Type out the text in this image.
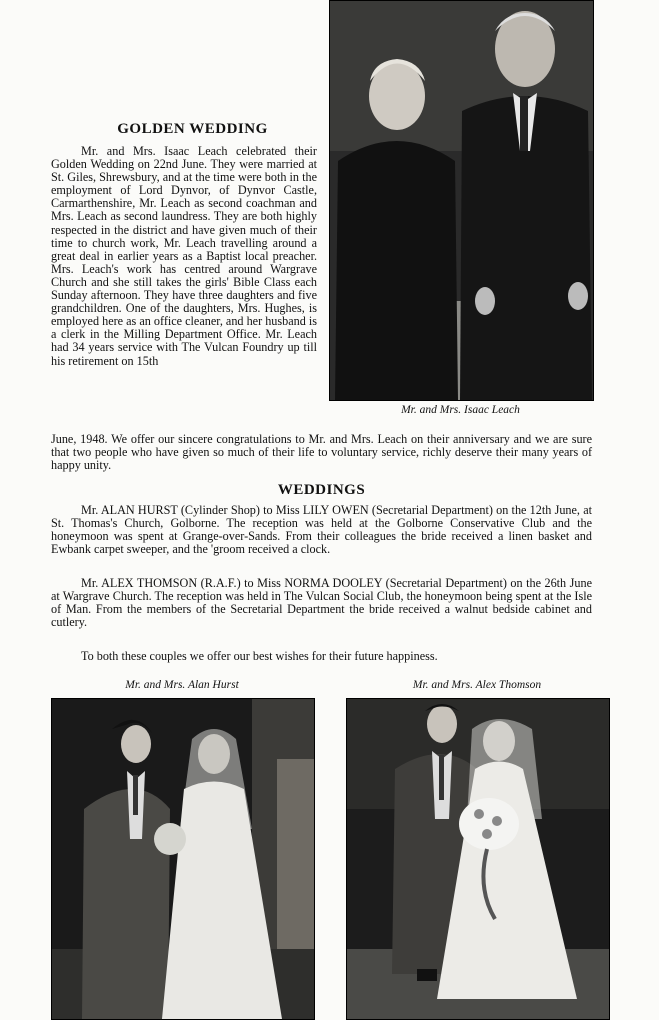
GOLDEN WEDDING

Mr. and Mrs. Isaac Leach celebrated their Golden Wedding on 22nd June. They were married at St. Giles, Shrewsbury, and at the time were both in the employment of Lord Dynvor, of Dynvor Castle, Carmarthenshire, Mr. Leach as second coachman and Mrs. Leach as second laundress. They are both highly respected in the district and have given much of their time to church work, Mr. Leach travelling around a great deal in earlier years as a Baptist local preacher. Mrs. Leach's work has centred around Wargrave Church and she still takes the girls' Bible Class each Sunday afternoon. They have three daughters and five grandchildren. One of the daughters, Mrs. Hughes, is employed here as an office cleaner, and her husband is a clerk in the Milling Department Office. Mr. Leach had 34 years service with The Vulcan Foundry up till his retirement on 15th

Mr. and Mrs. Isaac Leach

June, 1948. We offer our sincere congratulations to Mr. and Mrs. Leach on their anniversary and we are sure that two people who have given so much of their life to voluntary service, richly deserve their many years of happy unity.

WEDDINGS

Mr. ALAN HURST (Cylinder Shop) to Miss LILY OWEN (Secretarial Department) on the 12th June, at St. Thomas's Church, Golborne. The reception was held at the Golborne Conservative Club and the honeymoon was spent at Grange-over-Sands. From their colleagues the bride received a linen basket and Ewbank carpet sweeper, and the 'groom received a clock.

Mr. ALEX THOMSON (R.A.F.) to Miss NORMA DOOLEY (Secretarial Department) on the 26th June at Wargrave Church. The reception was held in The Vulcan Social Club, the honeymoon being spent at the Isle of Man. From the members of the Secretarial Department the bride received a walnut bedside cabinet and cutlery.

To both these couples we offer our best wishes for their future happiness.

Mr. and Mrs. Alan Hurst	Mr. and Mrs. Alex Thomson
